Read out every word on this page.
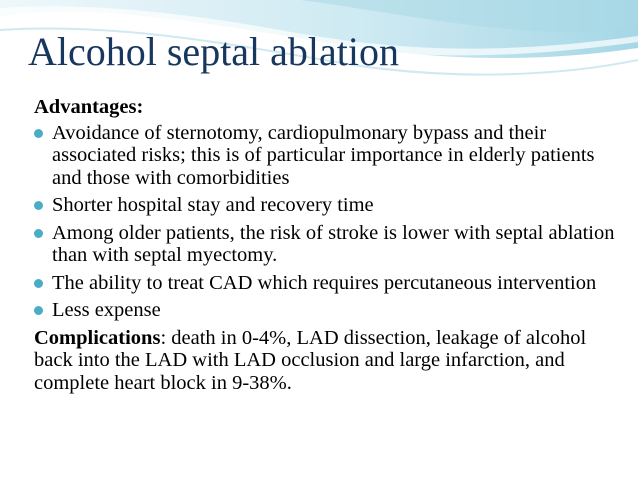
Alcohol septal ablation
Advantages:
Avoidance of sternotomy, cardiopulmonary bypass and their associated risks; this is of particular importance in elderly patients and those with comorbidities
Shorter hospital stay and recovery time
Among older patients, the risk of stroke is lower with septal ablation than with septal myectomy.
The ability to treat CAD which requires percutaneous intervention
Less expense
Complications: death in 0-4%, LAD dissection, leakage of alcohol back into the LAD with LAD occlusion and large infarction, and complete heart block in 9-38%.
